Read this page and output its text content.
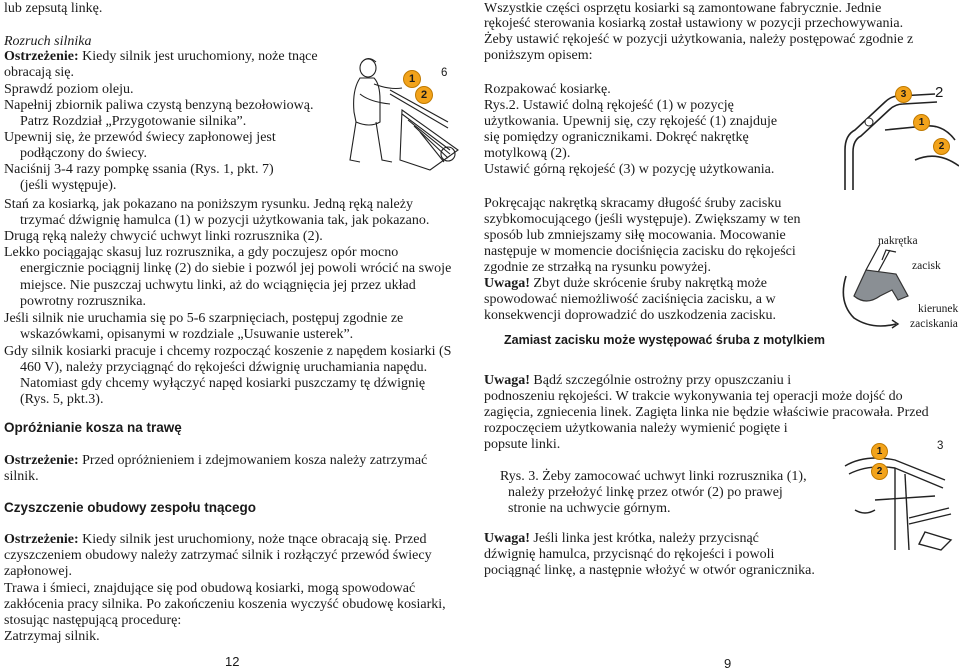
lub zepsutą linkę.
Rozruch silnika
Ostrzeżenie: Kiedy silnik jest uruchomiony, noże tnące
obracają się.
Sprawdź poziom oleju.
Napełnij zbiornik paliwa czystą benzyną bezołowiową.
Patrz Rozdział „Przygotowanie silnika”.
Upewnij się, że przewód świecy zapłonowej jest
podłączony do świecy.
Naciśnij 3-4 razy pompkę ssania (Rys. 1, pkt. 7)
(jeśli występuje).
Stań za kosiarką, jak pokazano na poniższym rysunku. Jedną ręką należy
trzymać dźwignię hamulca (1) w pozycji użytkowania tak, jak pokazano.
Drugą ręką należy chwycić uchwyt linki rozrusznika (2).
Lekko pociągając skasuj luz rozrusznika, a gdy poczujesz opór mocno
energicznie pociągnij linkę (2) do siebie i pozwól jej powoli wrócić na swoje
miejsce. Nie puszczaj uchwytu linki, aż do wciągnięcia jej przez układ
powrotny rozrusznika.
Jeśli silnik nie uruchamia się po 5-6 szarpnięciach, postępuj zgodnie ze
wskazówkami, opisanymi w rozdziale „Usuwanie usterek”.
Gdy silnik kosiarki pracuje i chcemy rozpocząć koszenie z napędem kosiarki (S
460 V), należy przyciągnąć do rękojeści dźwignię uruchamiania napędu.
Natomiast gdy chcemy wyłączyć napęd kosiarki puszczamy tę dźwignię
(Rys. 5, pkt.3).
Opróżnianie kosza na trawę
Ostrzeżenie: Przed opróżnieniem i zdejmowaniem kosza należy zatrzymać
silnik.
Czyszczenie obudowy zespołu tnącego
Ostrzeżenie: Kiedy silnik jest uruchomiony, noże tnące obracają się. Przed
czyszczeniem obudowy należy zatrzymać silnik i rozłączyć przewód świecy
zapłonowej.
Trawa i śmieci, znajdujące się pod obudową kosiarki, mogą spowodować
zakłócenia pracy silnika. Po zakończeniu koszenia wyczyść obudowę kosiarki,
stosując następującą procedurę:
Zatrzymaj silnik.
6
1
2
12
Wszystkie części osprzętu kosiarki są zamontowane fabrycznie. Jednie
rękojeść sterowania kosiarką został ustawiony w pozycji przechowywania.
Żeby ustawić rękojeść w pozycji użytkowania, należy postępować zgodnie z
poniższym opisem:
Rozpakować kosiarkę.
Rys.2. Ustawić dolną rękojeść (1) w pozycję
użytkowania. Upewnij się, czy rękojeść (1) znajduje
się pomiędzy ogranicznikami. Dokręć nakrętkę
motylkową (2).
Ustawić górną rękojeść (3) w pozycję użytkowania.
3 2
1
2
Pokręcając nakrętką skracamy długość śruby zacisku
szybkomocującego (jeśli występuje). Zwiększamy w ten
sposób lub zmniejszamy siłę mocowania. Mocowanie
następuje w momencie dociśnięcia zacisku do rękojeści
zgodnie ze strzałką na rysunku powyżej.
Uwaga! Zbyt duże skrócenie śruby nakrętką może
spowodować niemożliwość zaciśnięcia zacisku, a w
konsekwencji doprowadzić do uszkodzenia zacisku.
nakrętka
zacisk
kierunek
zaciskania
Zamiast zacisku może występować śruba z motylkiem
Uwaga! Bądź szczególnie ostrożny przy opuszczaniu i
podnoszeniu rękojeści. W trakcie wykonywania tej operacji może dojść do
zagięcia, zgniecenia linek. Zagięta linka nie będzie właściwie pracowała. Przed
rozpoczęciem użytkowania należy wymienić pogięte i
popsute linki.
Rys. 3. Żeby zamocować uchwyt linki rozrusznika (1),
należy przełożyć linkę przez otwór (2) po prawej
stronie na uchwycie górnym.
1
2
3
Uwaga! Jeśli linka jest krótka, należy przycisnąć
dźwignię hamulca, przycisnąć do rękojeści i powoli
pociągnąć linkę, a następnie włożyć w otwór ogranicznika.
9
